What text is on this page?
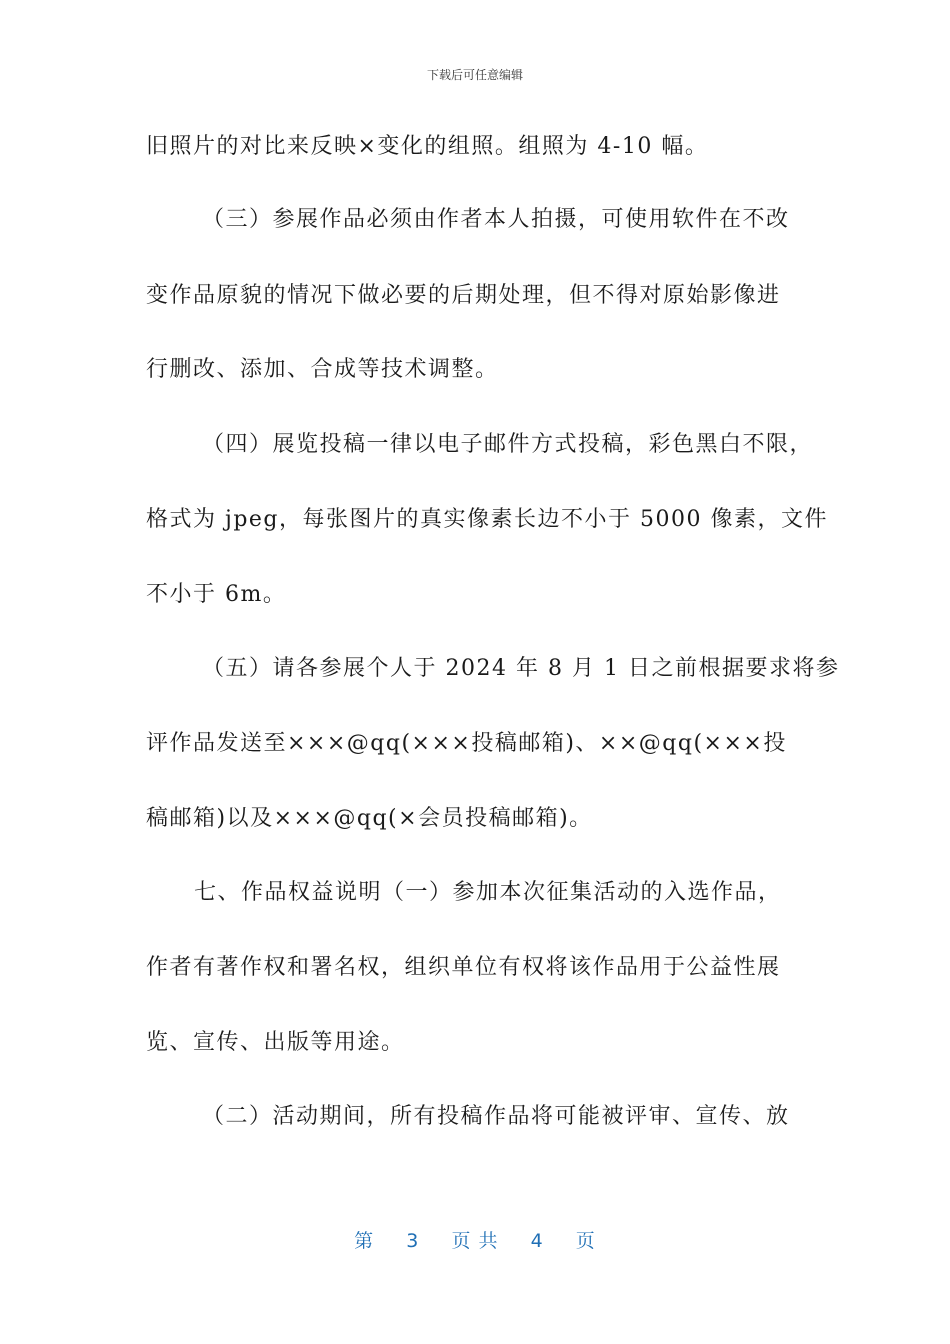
下载后可任意编辑
旧照片的对比来反映×变化的组照。组照为 4-10 幅。
（三）参展作品必须由作者本人拍摄，可使用软件在不改
变作品原貌的情况下做必要的后期处理，但不得对原始影像进
行删改、添加、合成等技术调整。
（四）展览投稿一律以电子邮件方式投稿，彩色黑白不限，
格式为 jpeg，每张图片的真实像素长边不小于 5000 像素，文件
不小于 6m。
（五）请各参展个人于 2024 年 8 月 1 日之前根据要求将参
评作品发送至×××@qq(×××投稿邮箱)、××@qq(×××投
稿邮箱)以及×××@qq(×会员投稿邮箱)。
七、作品权益说明（一）参加本次征集活动的入选作品，
作者有著作权和署名权，组织单位有权将该作品用于公益性展
览、宣传、出版等用途。
（二）活动期间，所有投稿作品将可能被评审、宣传、放
第 3 页 共 4 页
